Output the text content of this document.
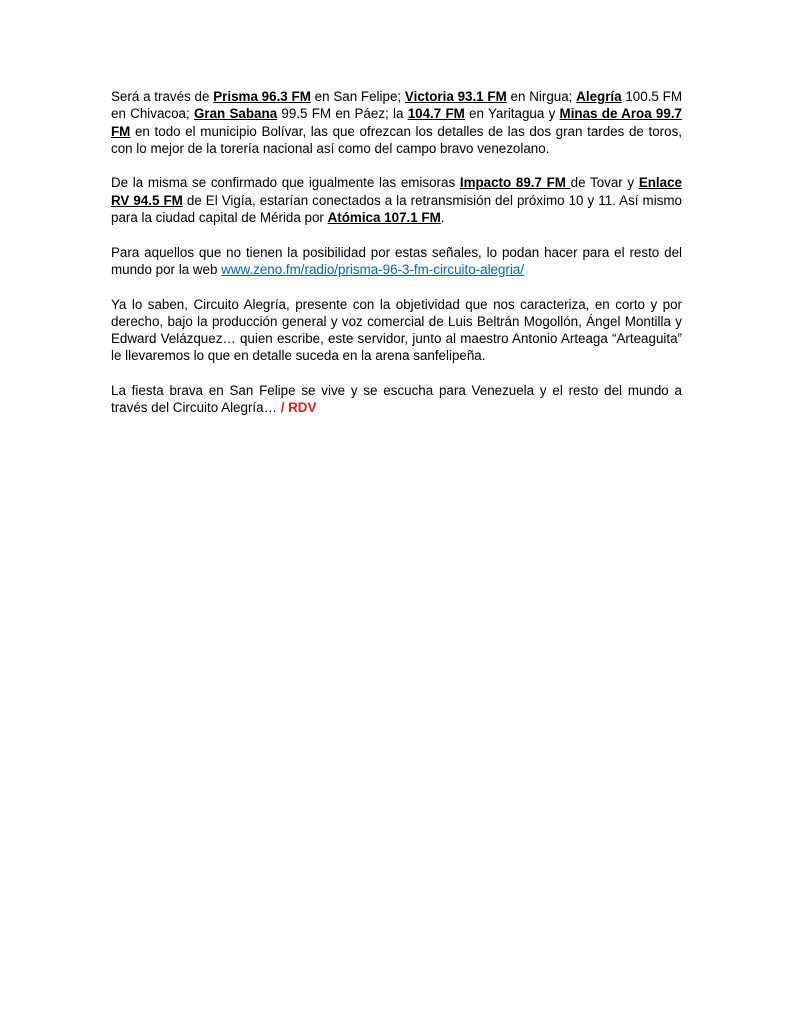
Será a través de Prisma 96.3 FM en San Felipe; Victoria 93.1 FM en Nirgua; Alegría 100.5 FM en Chivacoa; Gran Sabana 99.5 FM en Páez; la 104.7 FM en Yaritagua y Minas de Aroa 99.7 FM en todo el municipio Bolívar, las que ofrezcan los detalles de las dos gran tardes de toros, con lo mejor de la torería nacional así como del campo bravo venezolano.

De la misma se confirmado que igualmente las emisoras Impacto 89.7 FM de Tovar y Enlace RV 94.5 FM de El Vigía, estarían conectados a la retransmisión del próximo 10 y 11. Así mismo para la ciudad capital de Mérida por Atómica 107.1 FM.

Para aquellos que no tienen la posibilidad por estas señales, lo podan hacer para el resto del mundo por la web www.zeno.fm/radio/prisma-96-3-fm-circuito-alegria/

Ya lo saben, Circuito Alegría, presente con la objetividad que nos caracteriza, en corto y por derecho, bajo la producción general y voz comercial de Luis Beltrán Mogollón, Ángel Montilla y Edward Velázquez… quien escribe, este servidor, junto al maestro Antonio Arteaga “Arteaguita” le llevaremos lo que en detalle suceda en la arena sanfelipeña.

La fiesta brava en San Felipe se vive y se escucha para Venezuela y el resto del mundo a través del Circuito Alegría… / RDV
